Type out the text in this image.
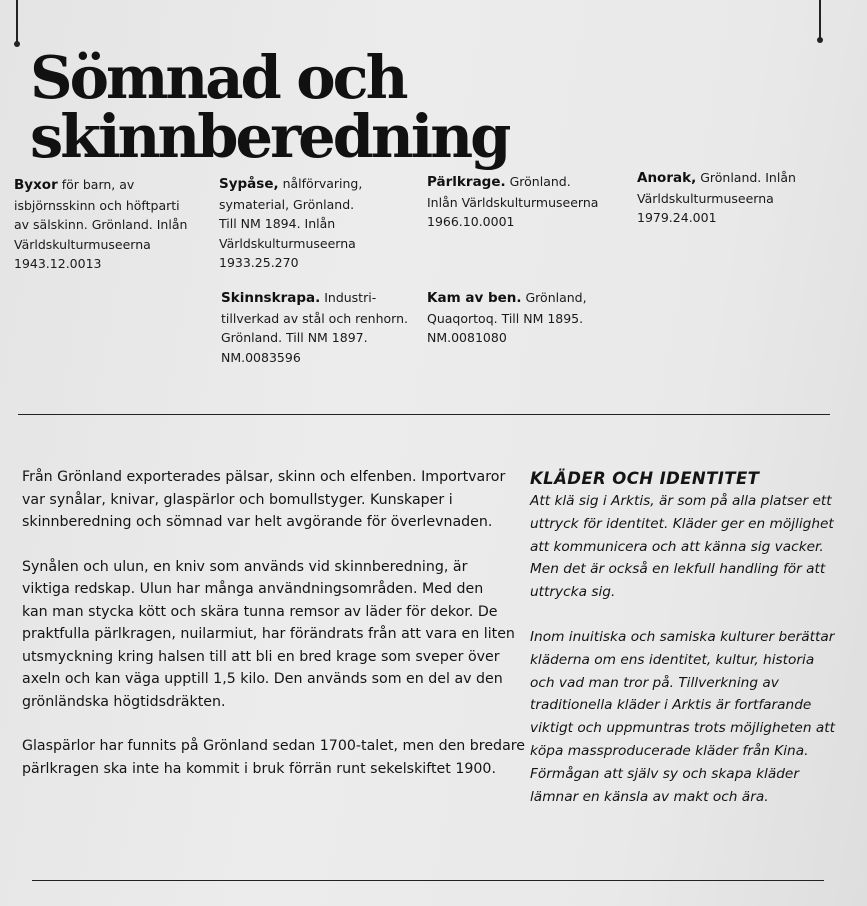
Sömnad och skinnberedning
Byxor för barn, av
isbjörnsskinn och höftparti
av sälskinn. Grönland. Inlån
Världskulturmuseerna
1943.12.0013
Sypåse, nålförvaring,
symaterial, Grönland.
Till NM 1894. Inlån
Världskulturmuseerna
1933.25.270
Pärlkrage. Grönland.
Inlån Världskulturmuseerna
1966.10.0001
Anorak, Grönland. Inlån
Världskulturmuseerna
1979.24.001
Skinnskrapa. Industri-
tillverkad av stål och renhorn.
Grönland. Till NM 1897.
NM.0083596
Kam av ben. Grönland,
Quaqortoq. Till NM 1895.
NM.0081080

Från Grönland exporterades pälsar, skinn och elfenben. Importvaror
var synålar, knivar, glaspärlor och bomullstyger. Kunskaper i
skinnberedning och sömnad var helt avgörande för överlevnaden.

Synålen och ulun, en kniv som används vid skinnberedning, är
viktiga redskap. Ulun har många användningsområden. Med den
kan man stycka kött och skära tunna remsor av läder för dekor. De
praktfulla pärlkragen, nuilarmiut, har förändrats från att vara en liten
utsmyckning kring halsen till att bli en bred krage som sveper över
axeln och kan väga upptill 1,5 kilo. Den används som en del av den
grönländska högtidsdräkten.

Glaspärlor har funnits på Grönland sedan 1700-talet, men den bredare
pärlkragen ska inte ha kommit i bruk förrän runt sekelskiftet 1900.

KLÄDER OCH IDENTITET

Att klä sig i Arktis, är som på alla platser ett
uttryck för identitet. Kläder ger en möjlighet
att kommunicera och att känna sig vacker.
Men det är också en lekfull handling för att
uttrycka sig.

Inom inuitiska och samiska kulturer berättar
kläderna om ens identitet, kultur, historia
och vad man tror på. Tillverkning av
traditionella kläder i Arktis är fortfarande
viktigt och uppmuntras trots möjligheten att
köpa massproducerade kläder från Kina.
Förmågan att själv sy och skapa kläder
lämnar en känsla av makt och ära.
